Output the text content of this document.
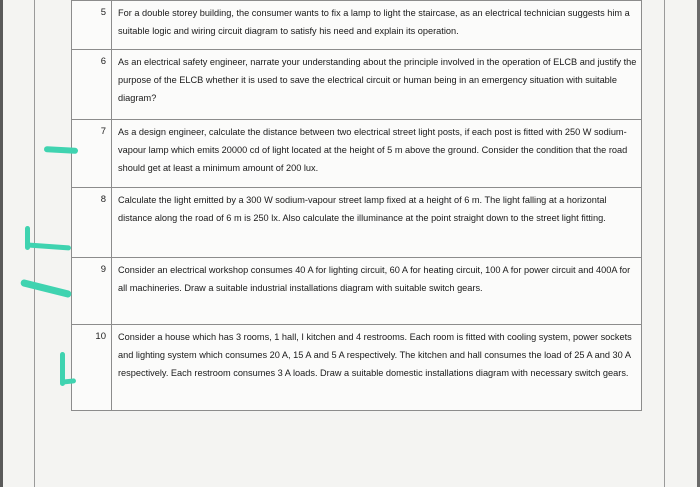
5	For a double storey building, the consumer wants to fix a lamp to light the staircase, as an electrical technician suggests him a suitable logic and wiring circuit diagram to satisfy his need and explain its operation.
6	As an electrical safety engineer, narrate your understanding about the principle involved in the operation of ELCB and justify the purpose of the ELCB whether it is used to save the electrical circuit or human being in an emergency situation with suitable diagram?
7	As a design engineer, calculate the distance between two electrical street light posts, if each post is fitted with 250 W sodium-vapour lamp which emits 20000 cd of light located at the height of 5 m above the ground. Consider the condition that the road should get at least a minimum amount of 200 lux.
8	Calculate the light emitted by a 300 W sodium-vapour street lamp fixed at a height of 6 m. The light falling at a horizontal distance along the road of 6 m is 250 lx. Also calculate the illuminance at the point straight down to the street light fitting.
9	Consider an electrical workshop consumes 40 A for lighting circuit, 60 A for heating circuit, 100 A for power circuit and 400A for all machineries. Draw a suitable industrial installations diagram with suitable switch gears.
10	Consider a house which has 3 rooms, 1 hall, I kitchen and 4 restrooms. Each room is fitted with cooling system, power sockets and lighting system which consumes 20 A, 15 A and 5 A respectively. The kitchen and hall consumes the load of 25 A and 30 A respectively. Each restroom consumes 3 A loads. Draw a suitable domestic installations diagram with necessary switch gears.
